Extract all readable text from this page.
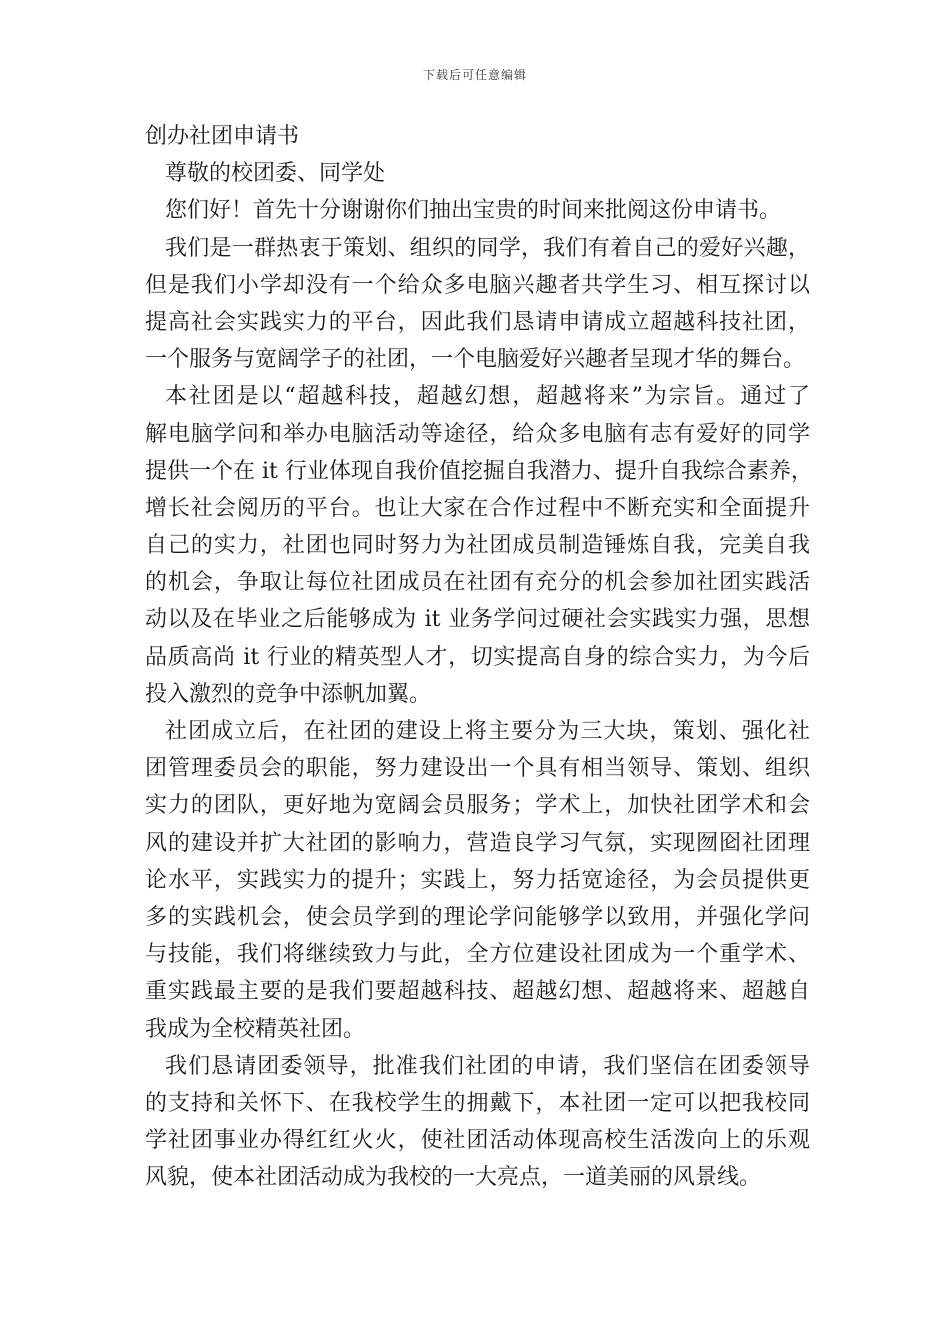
下载后可任意编辑
创办社团申请书
尊敬的校团委、同学处
您们好！首先十分谢谢你们抽出宝贵的时间来批阅这份申请书。
我们是一群热衷于策划、组织的同学，我们有着自己的爱好兴趣，
但是我们小学却没有一个给众多电脑兴趣者共学生习、相互探讨以
提高社会实践实力的平台，因此我们恳请申请成立超越科技社团，
一个服务与宽阔学子的社团，一个电脑爱好兴趣者呈现才华的舞台。
本社团是以“超越科技，超越幻想，超越将来”为宗旨。通过了
解电脑学问和举办电脑活动等途径，给众多电脑有志有爱好的同学
提供一个在 it 行业体现自我价值挖掘自我潜力、提升自我综合素养，
增长社会阅历的平台。也让大家在合作过程中不断充实和全面提升
自己的实力，社团也同时努力为社团成员制造锤炼自我，完美自我
的机会，争取让每位社团成员在社团有充分的机会参加社团实践活
动以及在毕业之后能够成为 it 业务学问过硬社会实践实力强，思想
品质高尚 it 行业的精英型人才，切实提高自身的综合实力，为今后
投入激烈的竞争中添帆加翼。
社团成立后，在社团的建设上将主要分为三大块，策划、强化社
团管理委员会的职能，努力建设出一个具有相当领导、策划、组织
实力的团队，更好地为宽阔会员服务；学术上，加快社团学术和会
风的建设并扩大社团的影响力，营造良学习气氛，实现囫囵社团理
论水平，实践实力的提升；实践上，努力括宽途径，为会员提供更
多的实践机会，使会员学到的理论学问能够学以致用，并强化学问
与技能，我们将继续致力与此，全方位建设社团成为一个重学术、
重实践最主要的是我们要超越科技、超越幻想、超越将来、超越自
我成为全校精英社团。
我们恳请团委领导，批准我们社团的申请，我们坚信在团委领导
的支持和关怀下、在我校学生的拥戴下，本社团一定可以把我校同
学社团事业办得红红火火，使社团活动体现高校生活泼向上的乐观
风貌，使本社团活动成为我校的一大亮点，一道美丽的风景线。
